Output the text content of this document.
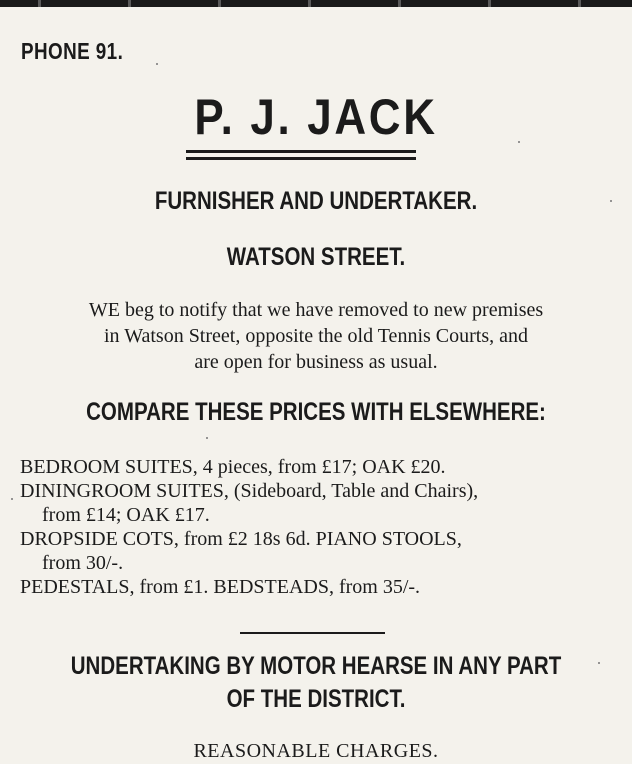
PHONE 91.
P. J. JACK
FURNISHER AND UNDERTAKER.
WATSON STREET.
WE beg to notify that we have removed to new premises
in Watson Street, opposite the old Tennis Courts, and
are open for business as usual.
COMPARE THESE PRICES WITH ELSEWHERE:
BEDROOM SUITES, 4 pieces, from £17; OAK £20.
DININGROOM SUITES, (Sideboard, Table and Chairs),
from £14; OAK £17.
DROPSIDE COTS, from £2 18s 6d. PIANO STOOLS,
from 30/-.
PEDESTALS, from £1. BEDSTEADS, from 35/-.
UNDERTAKING BY MOTOR HEARSE IN ANY PART
OF THE DISTRICT.
REASONABLE CHARGES.
